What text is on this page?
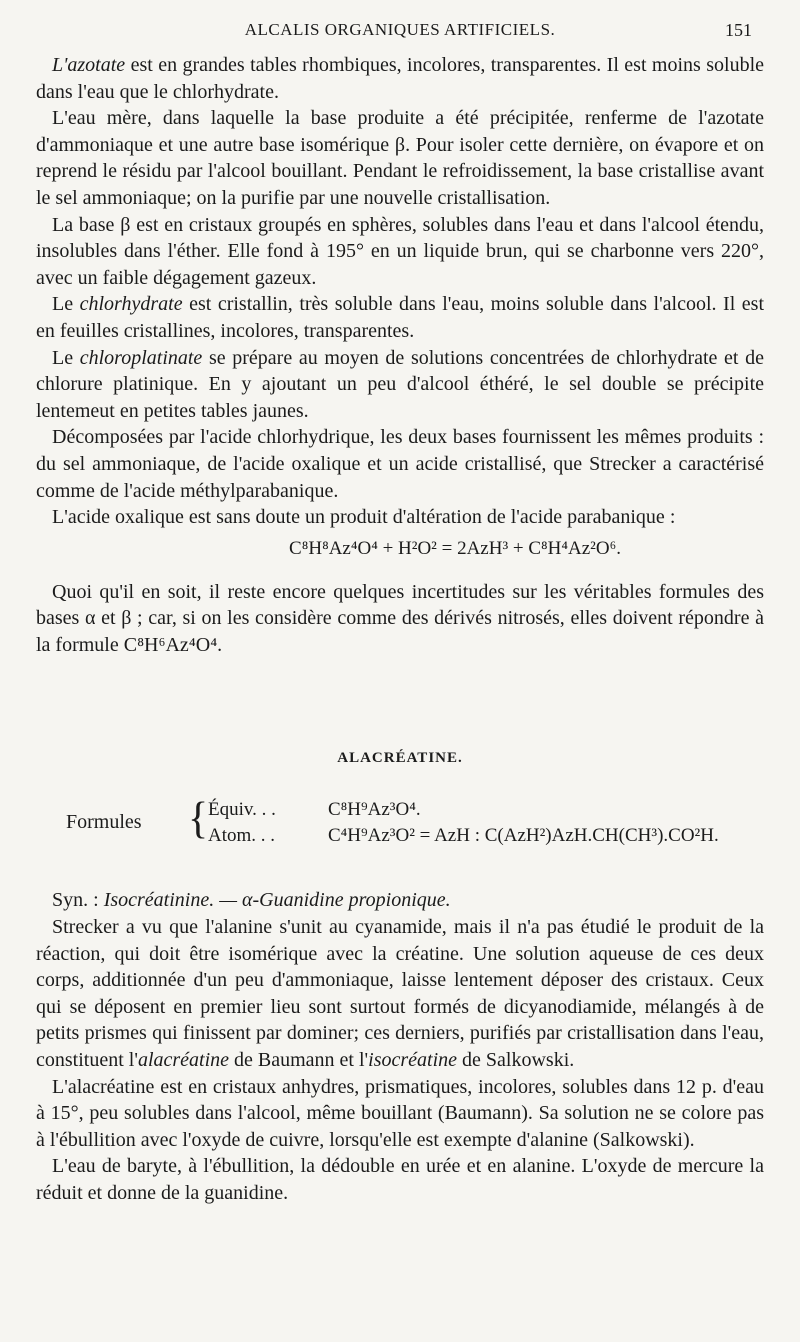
ALCALIS ORGANIQUES ARTIFICIELS.	151

L'azotate est en grandes tables rhombiques, incolores, transparentes. Il est moins soluble dans l'eau que le chlorhydrate.

L'eau mère, dans laquelle la base produite a été précipitée, renferme de l'azotate d'ammoniaque et une autre base isomérique β. Pour isoler cette dernière, on évapore et on reprend le résidu par l'alcool bouillant. Pendant le refroidissement, la base cristallise avant le sel ammoniaque; on la purifie par une nouvelle cristallisation.

La base β est en cristaux groupés en sphères, solubles dans l'eau et dans l'alcool étendu, insolubles dans l'éther. Elle fond à 195° en un liquide brun, qui se charbonne vers 220°, avec un faible dégagement gazeux.

Le chlorhydrate est cristallin, très soluble dans l'eau, moins soluble dans l'alcool. Il est en feuilles cristallines, incolores, transparentes.

Le chloroplatinate se prépare au moyen de solutions concentrées de chlorhydrate et de chlorure platinique. En y ajoutant un peu d'alcool éthéré, le sel double se précipite lentemeut en petites tables jaunes.

Décomposées par l'acide chlorhydrique, les deux bases fournissent les mêmes produits : du sel ammoniaque, de l'acide oxalique et un acide cristallisé, que Strecker a caractérisé comme de l'acide méthylparabanique.

L'acide oxalique est sans doute un produit d'altération de l'acide parabanique :

C⁸H⁸Az⁴O⁴ + H²O² = 2AzH³ + C⁸H⁴Az²O⁶.

Quoi qu'il en soit, il reste encore quelques incertitudes sur les véritables formules des bases α et β ; car, si on les considère comme des dérivés nitrosés, elles doivent répondre à la formule C⁸H⁶Az⁴O⁴.

ALACRÉATINE.
Formules { Équiv. . .	C⁸H⁹Az³O⁴.
Atom. . .	C⁴H⁹Az³O² = AzH : C(AzH²)AzH.CH(CH³).CO²H.

Syn. : Isocréatinine. — α-Guanidine propionique.

Strecker a vu que l'alanine s'unit au cyanamide, mais il n'a pas étudié le produit de la réaction, qui doit être isomérique avec la créatine. Une solution aqueuse de ces deux corps, additionnée d'un peu d'ammoniaque, laisse lentement déposer des cristaux. Ceux qui se déposent en premier lieu sont surtout formés de dicyanodiamide, mélangés à de petits prismes qui finissent par dominer; ces derniers, purifiés par cristallisation dans l'eau, constituent l'alacréatine de Baumann et l'isocréatine de Salkowski.

L'alacréatine est en cristaux anhydres, prismatiques, incolores, solubles dans 12 p. d'eau à 15°, peu solubles dans l'alcool, même bouillant (Baumann). Sa solution ne se colore pas à l'ébullition avec l'oxyde de cuivre, lorsqu'elle est exempte d'alanine (Salkowski).

L'eau de baryte, à l'ébullition, la dédouble en urée et en alanine. L'oxyde de mercure la réduit et donne de la guanidine.
